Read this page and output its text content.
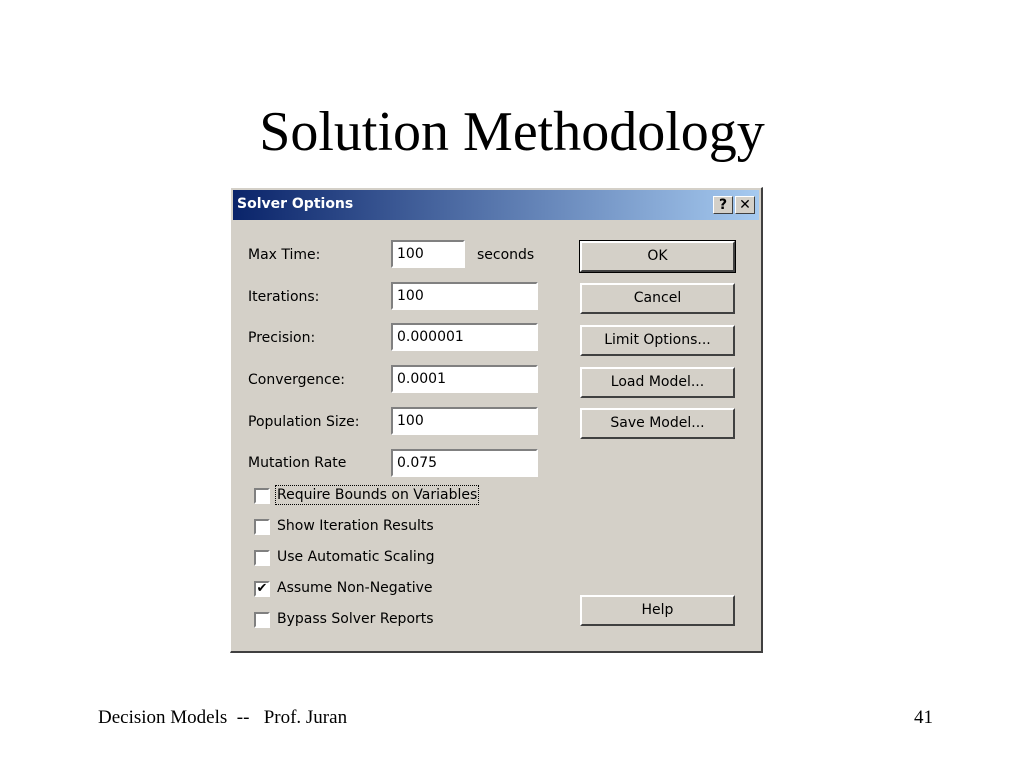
Solution Methodology
Solver Options	? ✕
Max Time:	100	seconds
Iterations:	100
Precision:	0.000001
Convergence:	0.0001
Population Size:	100
Mutation Rate	0.075
Require Bounds on Variables
Show Iteration Results
Use Automatic Scaling
✔ Assume Non-Negative
Bypass Solver Reports
OK
Cancel
Limit Options...
Load Model...
Save Model...
Help
Decision Models  --   Prof. Juran	41
